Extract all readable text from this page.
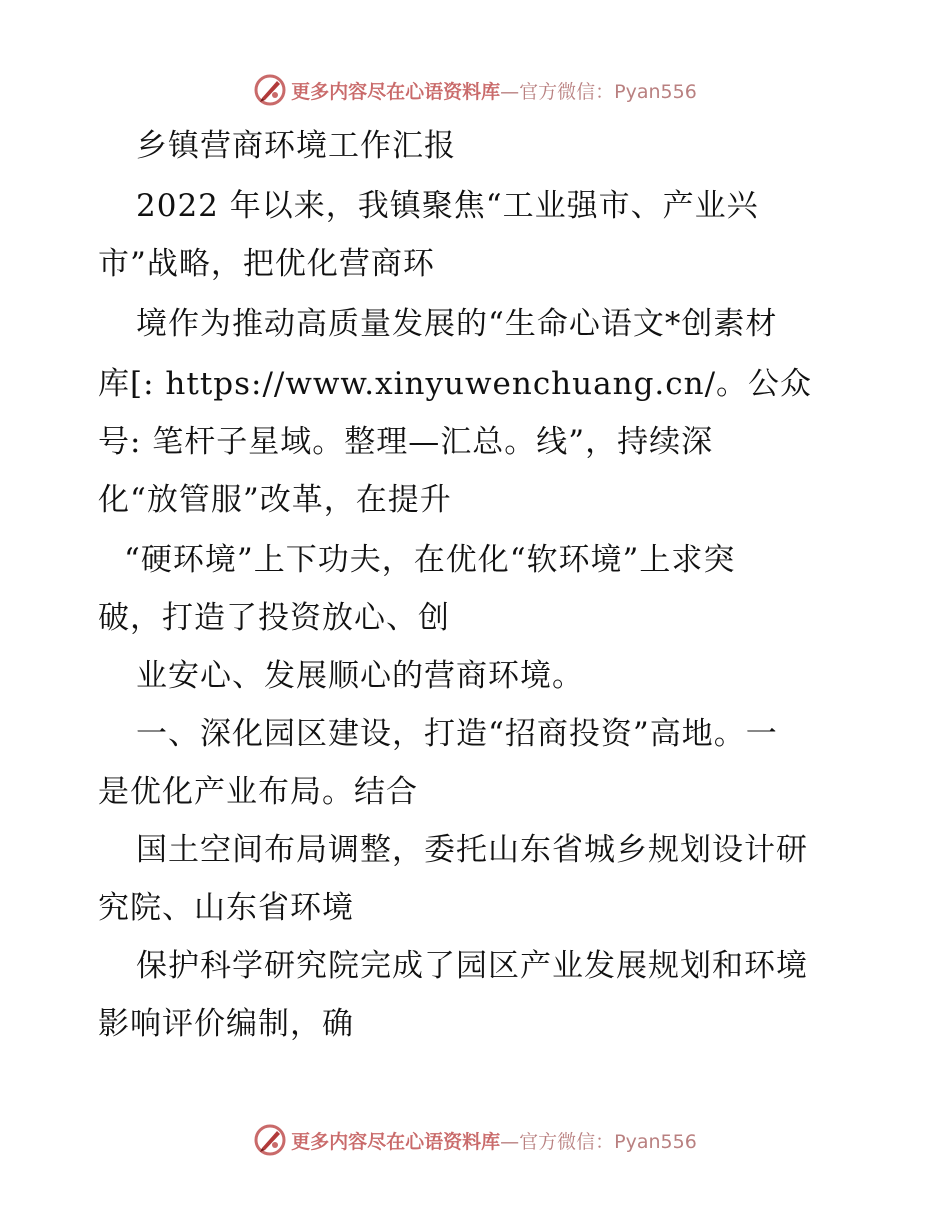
更多内容尽在心语资料库 —官方微信：Pyan556
乡镇营商环境工作汇报
2022 年以来，我镇聚焦“工业强市、产业兴
市”战略，把优化营商环
境作为推动高质量发展的“生命心语文*创素材
库[: https://www.xinyuwenchuang.cn/。公众
号: 笔杆子星域。整理—汇总。线”，持续深
化“放管服”改革，在提升
“硬环境”上下功夫，在优化“软环境”上求突
破，打造了投资放心、创
业安心、发展顺心的营商环境。
一、深化园区建设，打造“招商投资”高地。一
是优化产业布局。结合
国土空间布局调整，委托山东省城乡规划设计研
究院、山东省环境
保护科学研究院完成了园区产业发展规划和环境
影响评价编制，确
更多内容尽在心语资料库 —官方微信：Pyan556
